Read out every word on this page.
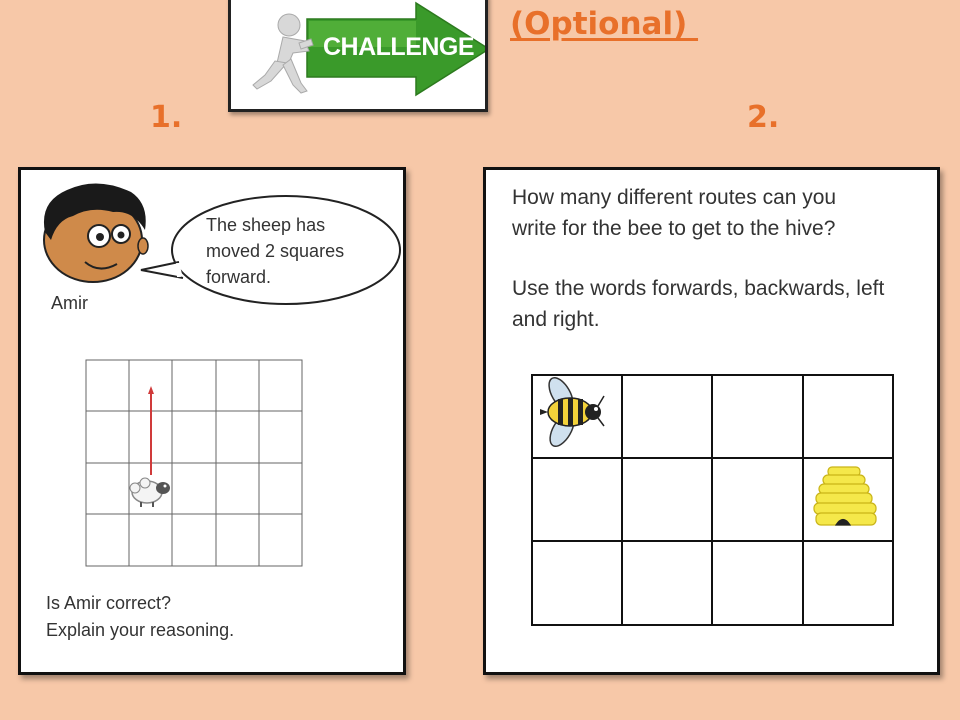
CHALLENGE
(Optional)
1.	2.
The sheep has
moved 2 squares
forward.
Amir
Is Amir correct?
Explain your reasoning.
How many different routes can you
write for the bee to get to the hive?
Use the words forwards, backwards, left
and right.
